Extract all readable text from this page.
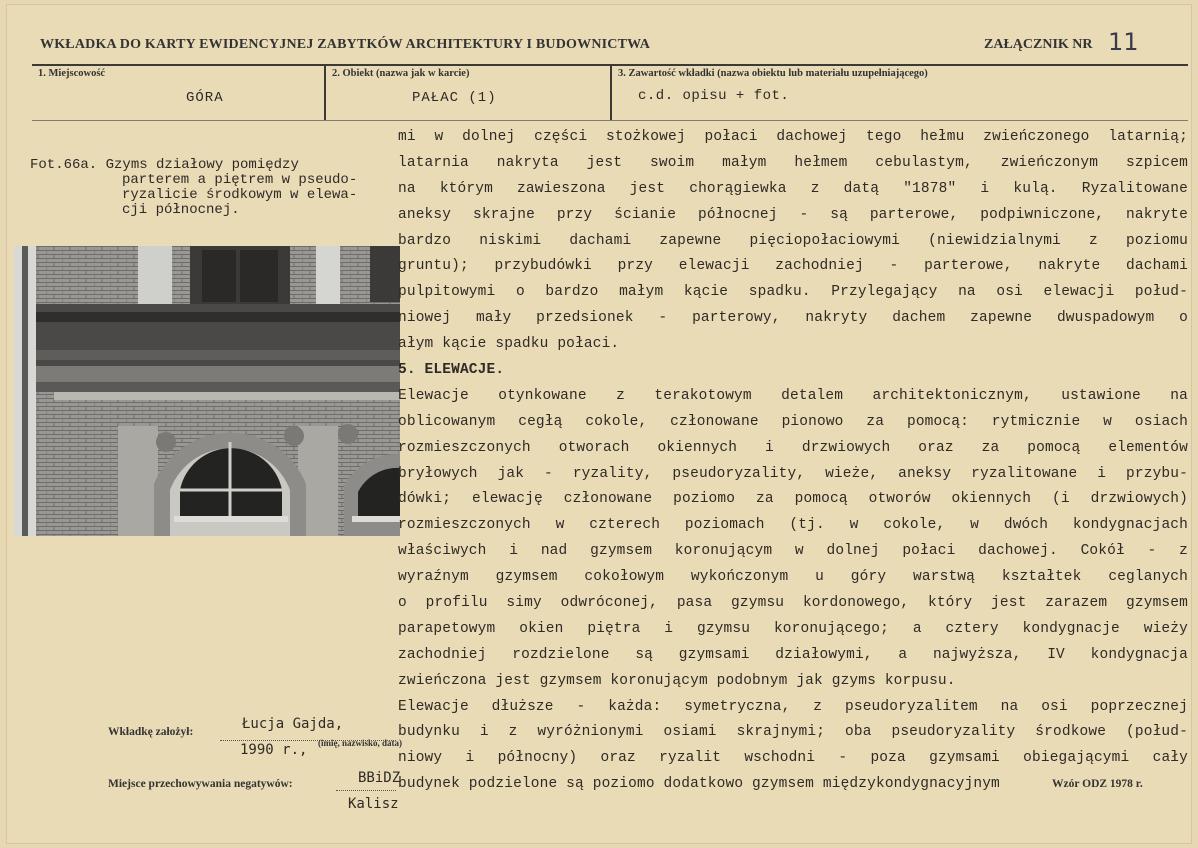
WKŁADKA DO KARTY EWIDENCYJNEJ ZABYTKÓW ARCHITEKTURY I BUDOWNICTWA	ZAŁĄCZNIK NR 11
1. Miejscowość
GÓRA
2. Obiekt (nazwa jak w karcie)
PAŁAC (1)
3. Zawartość wkładki (nazwa obiektu lub materiału uzupełniającego)
c.d. opisu + fot.
Fot.66a. Gzyms działowy pomiędzy
parterem a piętrem w pseudo-
ryzalicie środkowym w elewa-
cji północnej.
mi w dolnej części stożkowej połaci dachowej tego hełmu zwieńczonego latarnią;
latarnia nakryta jest swoim małym hełmem cebulastym, zwieńczonym szpicem
na którym zawieszona jest chorągiewka z datą "1878" i kulą. Ryzalitowane
aneksy skrajne przy ścianie północnej - są parterowe, podpiwniczone, nakryte
bardzo niskimi dachami zapewne pięciopołaciowymi (niewidzialnymi z poziomu
gruntu); przybudówki przy elewacji zachodniej - parterowe, nakryte dachami
pulpitowymi o bardzo małym kącie spadku. Przylegający na osi elewacji połud-
niowej mały przedsionek - parterowy, nakryty dachem zapewne dwuspadowym o
ałym kącie spadku połaci.
5. ELEWACJE.
Elewacje otynkowane z terakotowym detalem architektonicznym, ustawione na
oblicowanym cegłą cokole, członowane pionowo za pomocą: rytmicznie w osiach
rozmieszczonych otworach okiennych i drzwiowych oraz za pomocą elementów
bryłowych jak - ryzality, pseudoryzality, wieże, aneksy ryzalitowane i przybu-
dówki; elewację członowane poziomo za pomocą otworów okiennych (i drzwiowych)
rozmieszczonych w czterech poziomach (tj. w cokole, w dwóch kondygnacjach
właściwych i nad gzymsem koronującym w dolnej połaci dachowej. Cokół - z
wyraźnym gzymsem cokołowym wykończonym u góry warstwą kształtek ceglanych
o profilu simy odwróconej, pasa gzymsu kordonowego, który jest zarazem gzymsem
parapetowym okien piętra i gzymsu koronującego; a cztery kondygnacje wieży
zachodniej rozdzielone są gzymsami działowymi, a najwyższa, IV kondygnacja
zwieńczona jest gzymsem koronującym podobnym jak gzyms korpusu.
Elewacje dłuższe - każda: symetryczna, z pseudoryzalitem na osi poprzecznej
budynku i z wyróżnionymi osiami skrajnymi; oba pseudoryzality środkowe (połud-
niowy i północny) oraz ryzalit wschodni - poza gzymsami obiegającymi cały
budynek podzielone są poziomo dodatkowo gzymsem międzykondygnacyjnym
Wkładkę założył:	Łucja Gajda,
1990 r., (imię, nazwisko, data)
Miejsce przechowywania negatywów:	BBiDZ
Kalisz
Wzór ODZ 1978 r.
